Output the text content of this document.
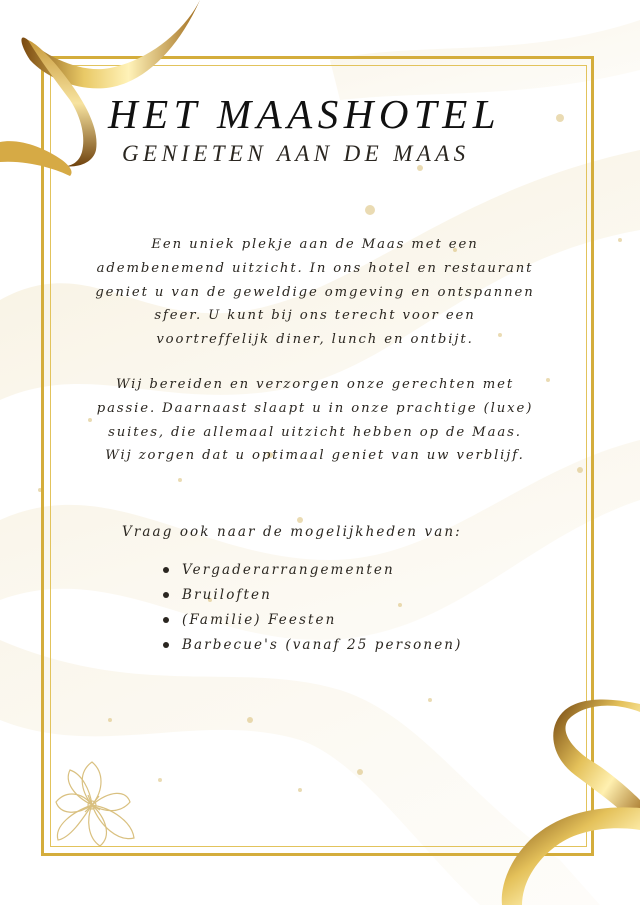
HET MAASHOTEL
GENIETEN AAN DE MAAS

Een uniek plekje aan de Maas met een
adembenemend uitzicht. In ons hotel en restaurant
geniet u van de geweldige omgeving en ontspannen
sfeer. U kunt bij ons terecht voor een
voortreffelijk diner, lunch en ontbijt.

Wij bereiden en verzorgen onze gerechten met
passie. Daarnaast slaapt u in onze prachtige (luxe)
suites, die allemaal uitzicht hebben op de Maas.
Wij zorgen dat u optimaal geniet van uw verblijf.

Vraag ook naar de mogelijkheden van:

Vergaderarrangementen
Bruiloften
(Familie) Feesten
Barbecue's (vanaf 25 personen)
